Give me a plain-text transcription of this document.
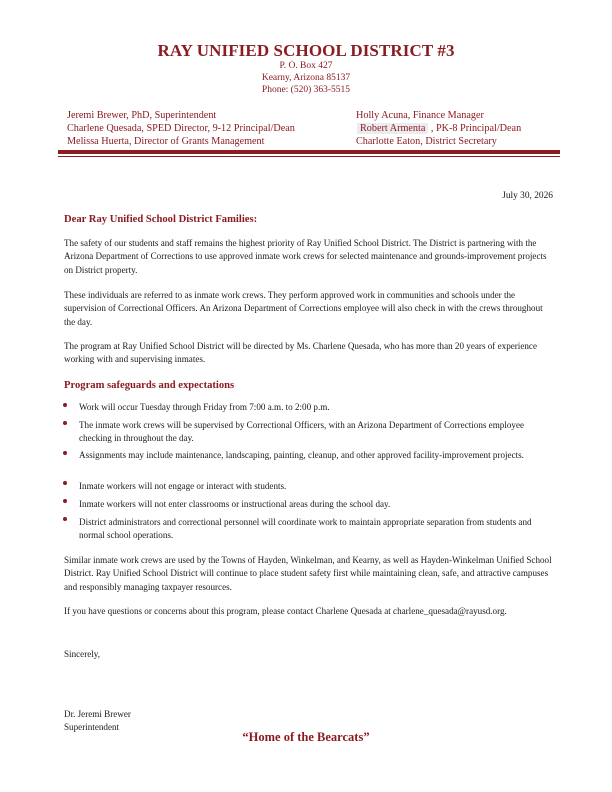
RAY UNIFIED SCHOOL DISTRICT #3
P. O. Box 427
Kearny, Arizona 85137
Phone: (520) 363-5515
Jeremi Brewer, PhD, Superintendent
Charlene Quesada, SPED Director, 9-12 Principal/Dean
Melissa Huerta, Director of Grants Management
Holly Acuna, Finance Manager
Robert Armenta , PK-8 Principal/Dean
Charlotte Eaton, District Secretary
July 30, 2026
Dear Ray Unified School District Families:
The safety of our students and staff remains the highest priority of Ray Unified School District. The District is partnering with the Arizona Department of Corrections to use approved inmate work crews for selected maintenance and grounds-improvement projects on District property.
These individuals are referred to as inmate work crews. They perform approved work in communities and schools under the supervision of Correctional Officers. An Arizona Department of Corrections employee will also check in with the crews throughout the day.
The program at Ray Unified School District will be directed by Ms. Charlene Quesada, who has more than 20 years of experience working with and supervising inmates.
Program safeguards and expectations
Work will occur Tuesday through Friday from 7:00 a.m. to 2:00 p.m.
The inmate work crews will be supervised by Correctional Officers, with an Arizona Department of Corrections employee checking in throughout the day.
Assignments may include maintenance, landscaping, painting, cleanup, and other approved facility-improvement projects.
Inmate workers will not engage or interact with students.
Inmate workers will not enter classrooms or instructional areas during the school day.
District administrators and correctional personnel will coordinate work to maintain appropriate separation from students and normal school operations.
Similar inmate work crews are used by the Towns of Hayden, Winkelman, and Kearny, as well as Hayden-Winkelman Unified School District. Ray Unified School District will continue to place student safety first while maintaining clean, safe, and attractive campuses and responsibly managing taxpayer resources.
If you have questions or concerns about this program, please contact Charlene Quesada at charlene_quesada@rayusd.org.
Sincerely,
Dr. Jeremi Brewer
Superintendent
“Home of the Bearcats”
